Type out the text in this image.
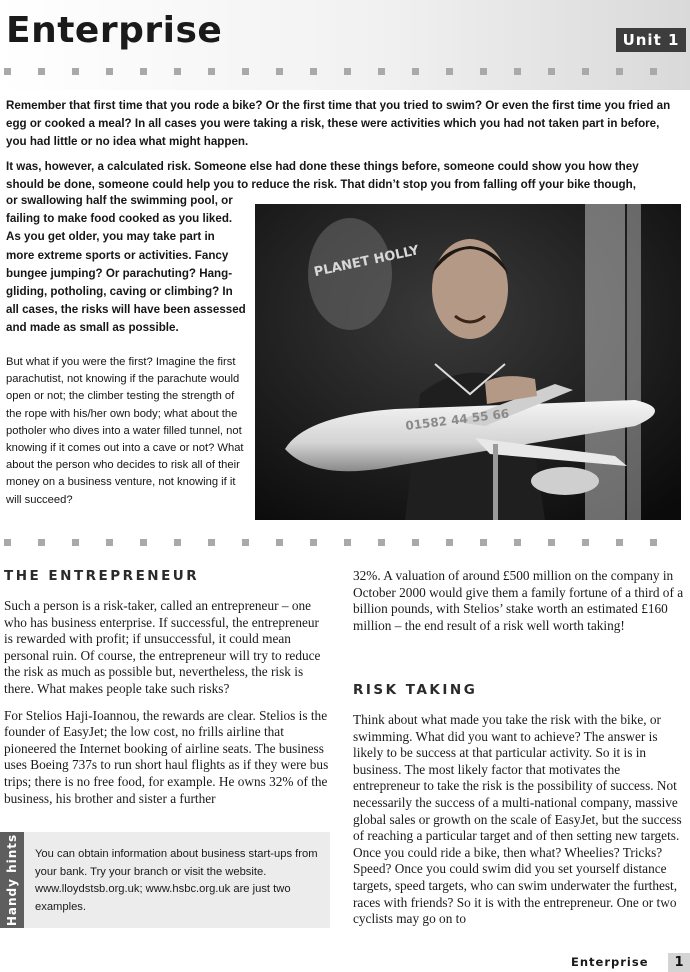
Enterprise	Unit 1

Remember that first time that you rode a bike? Or the first time that you tried to swim? Or even the first time you fried an egg or cooked a meal? In all cases you were taking a risk, these were activities which you had not taken part in before, you had little or no idea what might happen.

It was, however, a calculated risk. Someone else had done these things before, someone could show you how they should be done, someone could help you to reduce the risk. That didn’t stop you from falling off your bike though,

or swallowing half the swimming pool, or failing to make food cooked as you liked. As you get older, you may take part in more extreme sports or activities. Fancy bungee jumping? Or parachuting? Hang-gliding, potholing, caving or climbing? In all cases, the risks will have been assessed and made as small as possible.

But what if you were the first? Imagine the first parachutist, not knowing if the parachute would open or not; the climber testing the strength of the rope with his/her own body; what about the potholer who dives into a water filled tunnel, not knowing if it comes out into a cave or not? What about the person who decides to risk all of their money on a business venture, not knowing if it will succeed?

PLANET HOLLY
01582 44 55 66
THE ENTREPRENEUR

Such a person is a risk-taker, called an entrepreneur – one who has business enterprise. If successful, the entrepreneur is rewarded with profit; if unsuccessful, it could mean personal ruin. Of course, the entrepreneur will try to reduce the risk as much as possible but, nevertheless, the risk is there. What makes people take such risks?

For Stelios Haji-Ioannou, the rewards are clear. Stelios is the founder of EasyJet; the low cost, no frills airline that pioneered the Internet booking of airline seats. The business uses Boeing 737s to run short haul flights as if they were bus trips; there is no free food, for example. He owns 32% of the business, his brother and sister a further

Handy hints You can obtain information about business start-ups from your bank. Try your branch or visit the website. www.lloydstsb.org.uk; www.hsbc.org.uk are just two examples.

32%. A valuation of around £500 million on the company in October 2000 would give them a family fortune of a third of a billion pounds, with Stelios’ stake worth an estimated £160 million – the end result of a risk well worth taking!

RISK TAKING

Think about what made you take the risk with the bike, or swimming. What did you want to achieve? The answer is likely to be success at that particular activity. So it is in business. The most likely factor that motivates the entrepreneur to take the risk is the possibility of success. Not necessarily the success of a multi-national company, massive global sales or growth on the scale of EasyJet, but the success of reaching a particular target and of then setting new targets. Once you could ride a bike, then what? Wheelies? Tricks? Speed? Once you could swim did you set yourself distance targets, speed targets, who can swim underwater the furthest, races with friends? So it is with the entrepreneur. One or two cyclists may go on to

Enterprise	1
